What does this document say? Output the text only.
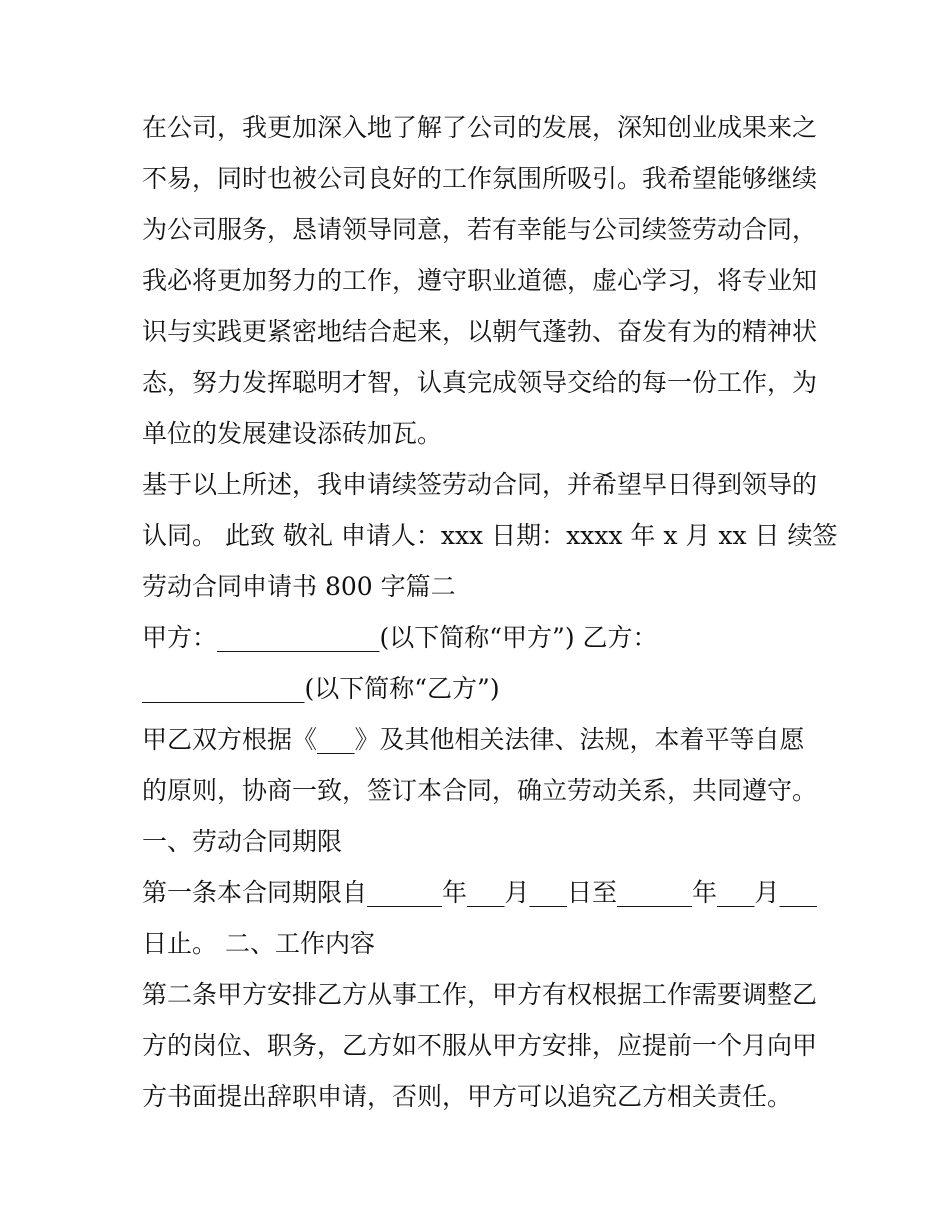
在公司，我更加深入地了解了公司的发展，深知创业成果来之
不易，同时也被公司良好的工作氛围所吸引。我希望能够继续
为公司服务，恳请领导同意，若有幸能与公司续签劳动合同，
我必将更加努力的工作，遵守职业道德，虚心学习，将专业知
识与实践更紧密地结合起来，以朝气蓬勃、奋发有为的精神状
态，努力发挥聪明才智，认真完成领导交给的每一份工作，为
单位的发展建设添砖加瓦。
基于以上所述，我申请续签劳动合同，并希望早日得到领导的
认同。 此致 敬礼 申请人：xxx 日期：xxxx 年 x 月 xx 日 续签
劳动合同申请书 800 字篇二
甲方：_____________(以下简称“甲方”) 乙方：
_____________(以下简称“乙方”)
甲乙双方根据《___》及其他相关法律、法规，本着平等自愿
的原则，协商一致，签订本合同，确立劳动关系，共同遵守。
一、劳动合同期限
第一条本合同期限自______年___月___日至______年___月___
日止。 二、工作内容
第二条甲方安排乙方从事工作，甲方有权根据工作需要调整乙
方的岗位、职务，乙方如不服从甲方安排，应提前一个月向甲
方书面提出辞职申请，否则，甲方可以追究乙方相关责任。
